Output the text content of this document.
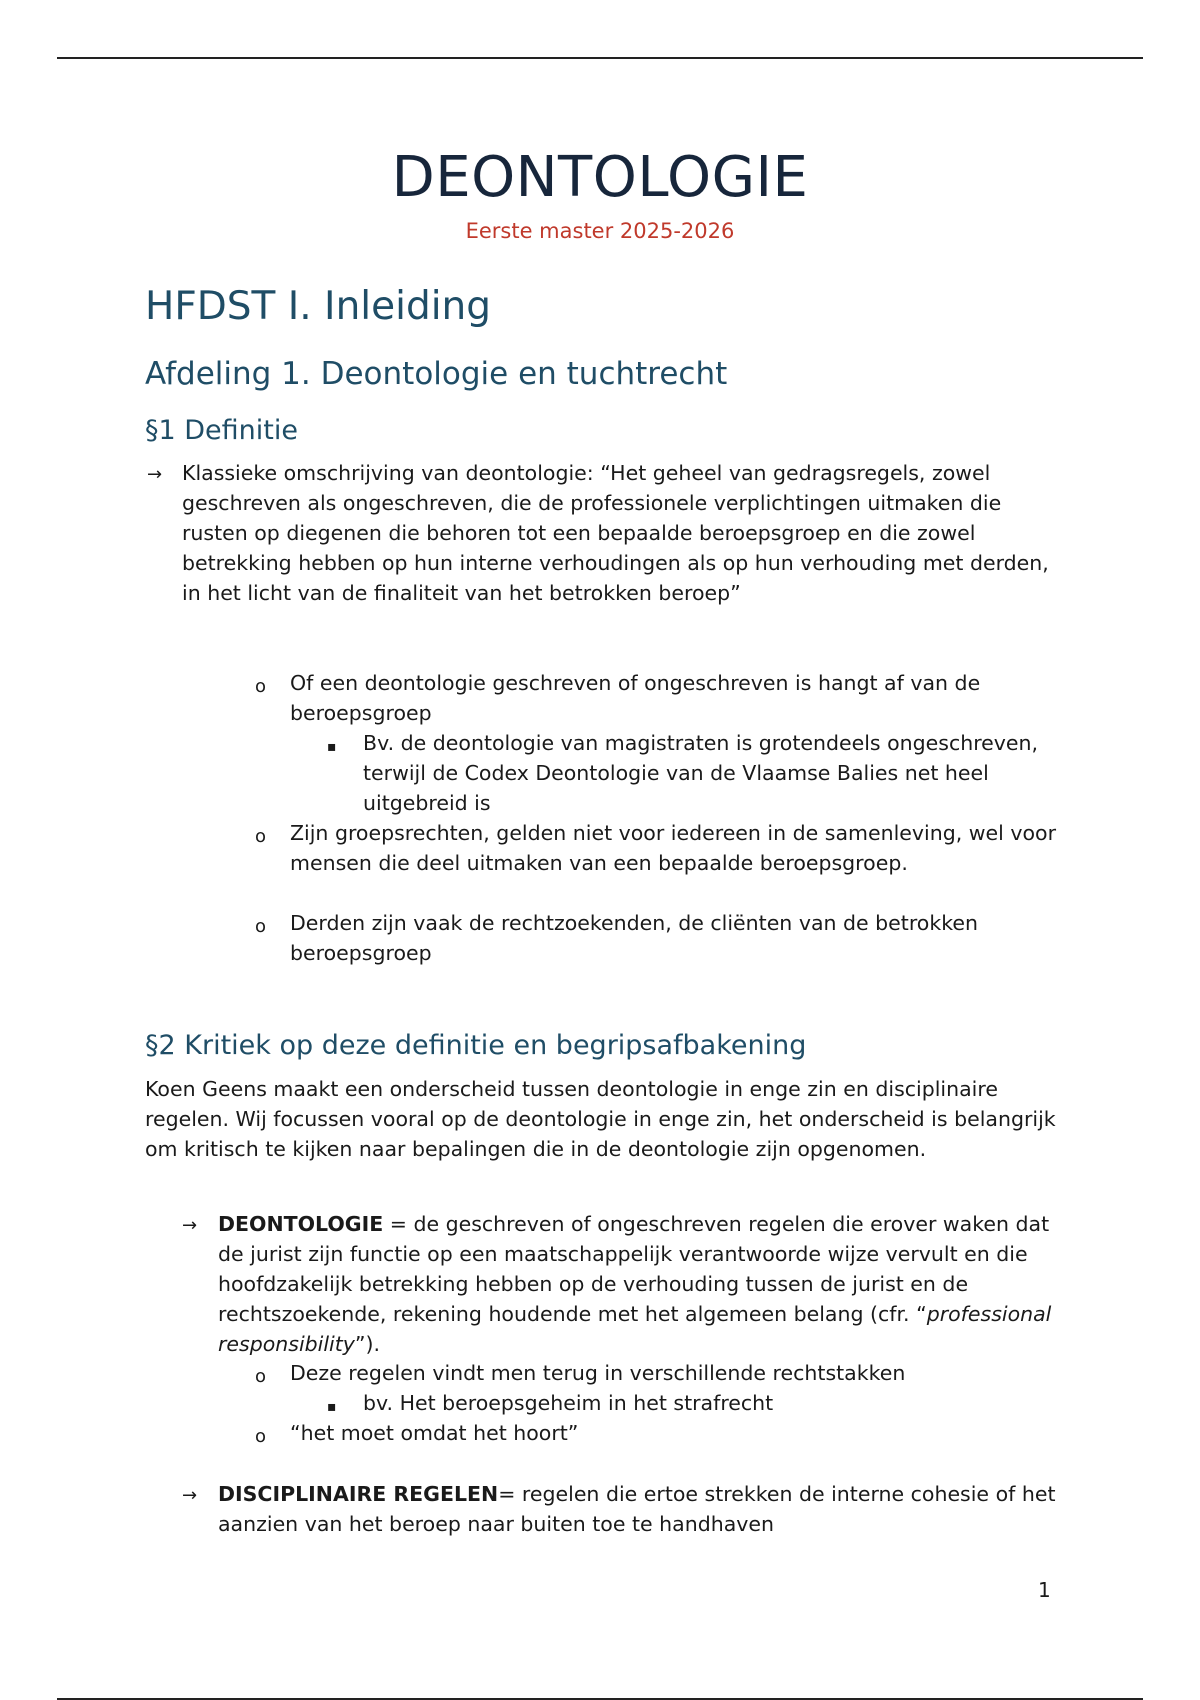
DEONTOLOGIE
Eerste master 2025-2026
HFDST I. Inleiding
Afdeling 1. Deontologie en tuchtrecht
§1 Definitie
→ Klassieke omschrijving van deontologie: “Het geheel van gedragsregels, zowel geschreven als ongeschreven, die de professionele verplichtingen uitmaken die rusten op diegenen die behoren tot een bepaalde beroepsgroep en die zowel betrekking hebben op hun interne verhoudingen als op hun verhouding met derden, in het licht van de finaliteit van het betrokken beroep”
o Of een deontologie geschreven of ongeschreven is hangt af van de beroepsgroep
▪ Bv. de deontologie van magistraten is grotendeels ongeschreven, terwijl de Codex Deontologie van de Vlaamse Balies net heel uitgebreid is
o Zijn groepsrechten, gelden niet voor iedereen in de samenleving, wel voor mensen die deel uitmaken van een bepaalde beroepsgroep.
o Derden zijn vaak de rechtzoekenden, de cliënten van de betrokken beroepsgroep
§2 Kritiek op deze definitie en begripsafbakening
Koen Geens maakt een onderscheid tussen deontologie in enge zin en disciplinaire regelen. Wij focussen vooral op de deontologie in enge zin, het onderscheid is belangrijk om kritisch te kijken naar bepalingen die in de deontologie zijn opgenomen.
→ DEONTOLOGIE = de geschreven of ongeschreven regelen die erover waken dat de jurist zijn functie op een maatschappelijk verantwoorde wijze vervult en die hoofdzakelijk betrekking hebben op de verhouding tussen de jurist en de rechtszoekende, rekening houdende met het algemeen belang (cfr. “professional responsibility”).
o Deze regelen vindt men terug in verschillende rechtstakken
▪ bv. Het beroepsgeheim in het strafrecht
o “het moet omdat het hoort”
→ DISCIPLINAIRE REGELEN= regelen die ertoe strekken de interne cohesie of het aanzien van het beroep naar buiten toe te handhaven
1
